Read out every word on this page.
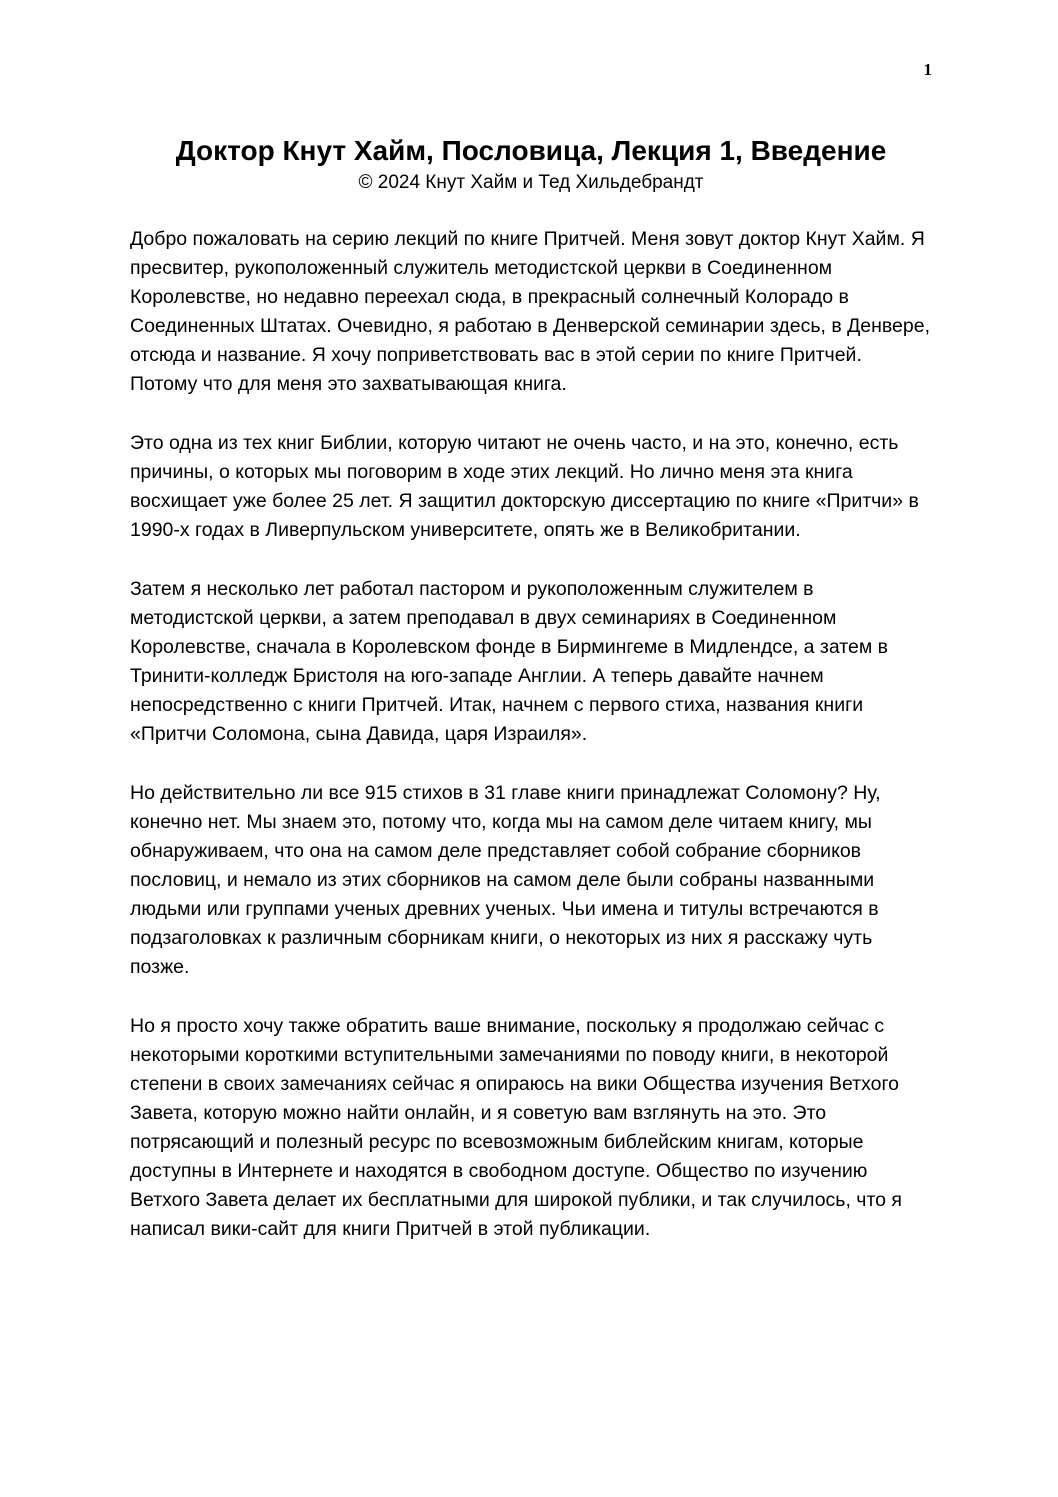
1
Доктор Кнут Хайм, Пословица, Лекция 1, Введение
© 2024 Кнут Хайм и Тед Хильдебрандт

Добро пожаловать на серию лекций по книге Притчей. Меня зовут доктор Кнут Хайм. Я пресвитер, рукоположенный служитель методистской церкви в Соединенном Королевстве, но недавно переехал сюда, в прекрасный солнечный Колорадо в Соединенных Штатах. Очевидно, я работаю в Денверской семинарии здесь, в Денвере, отсюда и название. Я хочу поприветствовать вас в этой серии по книге Притчей. Потому что для меня это захватывающая книга.

Это одна из тех книг Библии, которую читают не очень часто, и на это, конечно, есть причины, о которых мы поговорим в ходе этих лекций. Но лично меня эта книга восхищает уже более 25 лет. Я защитил докторскую диссертацию по книге «Притчи» в 1990-х годах в Ливерпульском университете, опять же в Великобритании.

Затем я несколько лет работал пастором и рукоположенным служителем в методистской церкви, а затем преподавал в двух семинариях в Соединенном Королевстве, сначала в Королевском фонде в Бирмингеме в Мидлендсе, а затем в Тринити-колледж Бристоля на юго-западе Англии. А теперь давайте начнем непосредственно с книги Притчей. Итак, начнем с первого стиха, названия книги «Притчи Соломона, сына Давида, царя Израиля».

Но действительно ли все 915 стихов в 31 главе книги принадлежат Соломону? Ну, конечно нет. Мы знаем это, потому что, когда мы на самом деле читаем книгу, мы обнаруживаем, что она на самом деле представляет собой собрание сборников пословиц, и немало из этих сборников на самом деле были собраны названными людьми или группами ученых древних ученых. Чьи имена и титулы встречаются в подзаголовках к различным сборникам книги, о некоторых из них я расскажу чуть позже.

Но я просто хочу также обратить ваше внимание, поскольку я продолжаю сейчас с некоторыми короткими вступительными замечаниями по поводу книги, в некоторой степени в своих замечаниях сейчас я опираюсь на вики Общества изучения Ветхого Завета, которую можно найти онлайн, и я советую вам взглянуть на это. Это потрясающий и полезный ресурс по всевозможным библейским книгам, которые доступны в Интернете и находятся в свободном доступе. Общество по изучению Ветхого Завета делает их бесплатными для широкой публики, и так случилось, что я написал вики-сайт для книги Притчей в этой публикации.
